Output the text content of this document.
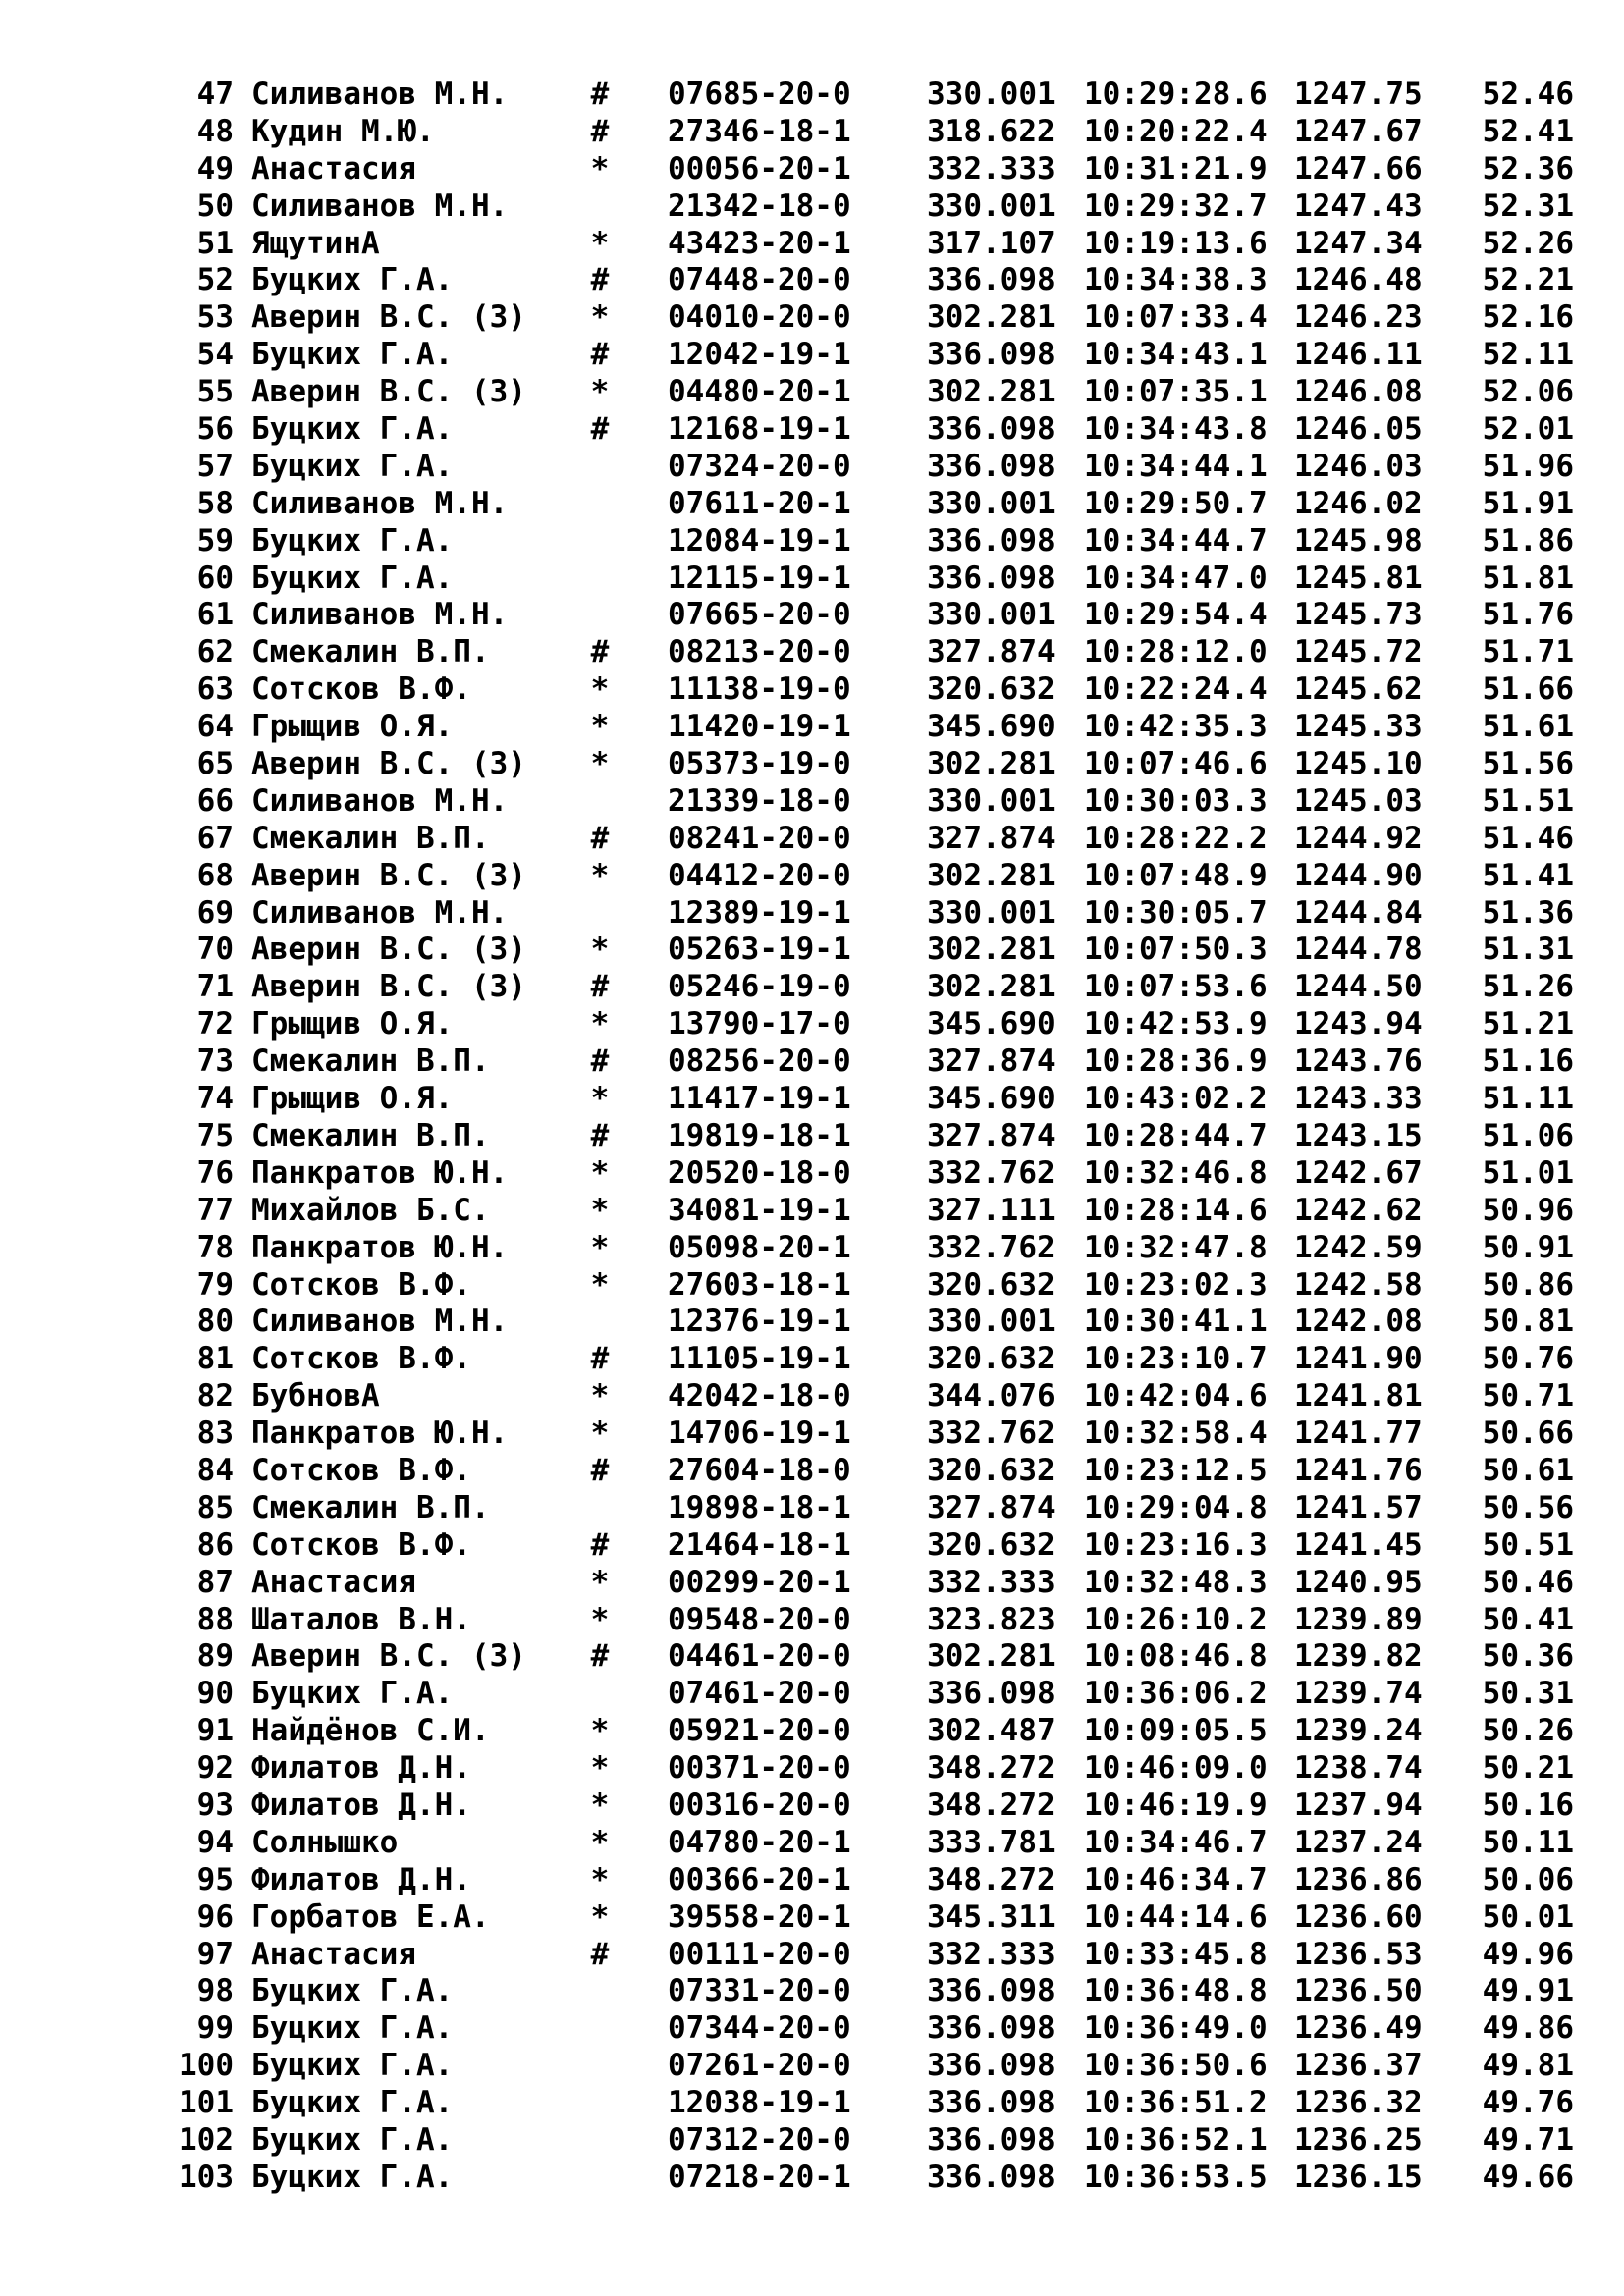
47 Силиванов М.Н.	# 07685-20-0 330.001 10:29:28.6 1247.75 52.46
48 Кудин М.Ю.	# 27346-18-1 318.622 10:20:22.4 1247.67 52.41
49 Анастасия	* 00056-20-1 332.333 10:31:21.9 1247.66 52.36
50 Силиванов М.Н.	21342-18-0 330.001 10:29:32.7 1247.43 52.31
51 ЯщутинА	* 43423-20-1 317.107 10:19:13.6 1247.34 52.26
52 Буцких Г.А.	# 07448-20-0 336.098 10:34:38.3 1246.48 52.21
53 Аверин В.С. (З) * 04010-20-0 302.281 10:07:33.4 1246.23 52.16
54 Буцких Г.А.	# 12042-19-1 336.098 10:34:43.1 1246.11 52.11
55 Аверин В.С. (З) * 04480-20-1 302.281 10:07:35.1 1246.08 52.06
56 Буцких Г.А.	# 12168-19-1 336.098 10:34:43.8 1246.05 52.01
57 Буцких Г.А.	07324-20-0 336.098 10:34:44.1 1246.03 51.96
58 Силиванов М.Н.	07611-20-1 330.001 10:29:50.7 1246.02 51.91
59 Буцких Г.А.	12084-19-1 336.098 10:34:44.7 1245.98 51.86
60 Буцких Г.А.	12115-19-1 336.098 10:34:47.0 1245.81 51.81
61 Силиванов М.Н.	07665-20-0 330.001 10:29:54.4 1245.73 51.76
62 Смекалин В.П.	# 08213-20-0 327.874 10:28:12.0 1245.72 51.71
63 Сотсков В.Ф.	* 11138-19-0 320.632 10:22:24.4 1245.62 51.66
64 Грыщив О.Я.	* 11420-19-1 345.690 10:42:35.3 1245.33 51.61
65 Аверин В.С. (З) * 05373-19-0 302.281 10:07:46.6 1245.10 51.56
66 Силиванов М.Н.	21339-18-0 330.001 10:30:03.3 1245.03 51.51
67 Смекалин В.П.	# 08241-20-0 327.874 10:28:22.2 1244.92 51.46
68 Аверин В.С. (З) * 04412-20-0 302.281 10:07:48.9 1244.90 51.41
69 Силиванов М.Н.	12389-19-1 330.001 10:30:05.7 1244.84 51.36
70 Аверин В.С. (З) * 05263-19-1 302.281 10:07:50.3 1244.78 51.31
71 Аверин В.С. (З) # 05246-19-0 302.281 10:07:53.6 1244.50 51.26
72 Грыщив О.Я.	* 13790-17-0 345.690 10:42:53.9 1243.94 51.21
73 Смекалин В.П.	# 08256-20-0 327.874 10:28:36.9 1243.76 51.16
74 Грыщив О.Я.	* 11417-19-1 345.690 10:43:02.2 1243.33 51.11
75 Смекалин В.П.	# 19819-18-1 327.874 10:28:44.7 1243.15 51.06
76 Панкратов Ю.Н.	* 20520-18-0 332.762 10:32:46.8 1242.67 51.01
77 Михайлов Б.С.	* 34081-19-1 327.111 10:28:14.6 1242.62 50.96
78 Панкратов Ю.Н.	* 05098-20-1 332.762 10:32:47.8 1242.59 50.91
79 Сотсков В.Ф.	* 27603-18-1 320.632 10:23:02.3 1242.58 50.86
80 Силиванов М.Н.	12376-19-1 330.001 10:30:41.1 1242.08 50.81
81 Сотсков В.Ф.	# 11105-19-1 320.632 10:23:10.7 1241.90 50.76
82 БубновА	* 42042-18-0 344.076 10:42:04.6 1241.81 50.71
83 Панкратов Ю.Н.	* 14706-19-1 332.762 10:32:58.4 1241.77 50.66
84 Сотсков В.Ф.	# 27604-18-0 320.632 10:23:12.5 1241.76 50.61
85 Смекалин В.П.	19898-18-1 327.874 10:29:04.8 1241.57 50.56
86 Сотсков В.Ф.	# 21464-18-1 320.632 10:23:16.3 1241.45 50.51
87 Анастасия	* 00299-20-1 332.333 10:32:48.3 1240.95 50.46
88 Шаталов В.Н.	* 09548-20-0 323.823 10:26:10.2 1239.89 50.41
89 Аверин В.С. (З) # 04461-20-0 302.281 10:08:46.8 1239.82 50.36
90 Буцких Г.А.	07461-20-0 336.098 10:36:06.2 1239.74 50.31
91 Найдёнов С.И.	* 05921-20-0 302.487 10:09:05.5 1239.24 50.26
92 Филатов Д.Н.	* 00371-20-0 348.272 10:46:09.0 1238.74 50.21
93 Филатов Д.Н.	* 00316-20-0 348.272 10:46:19.9 1237.94 50.16
94 Солнышко	* 04780-20-1 333.781 10:34:46.7 1237.24 50.11
95 Филатов Д.Н.	* 00366-20-1 348.272 10:46:34.7 1236.86 50.06
96 Горбатов Е.А.	* 39558-20-1 345.311 10:44:14.6 1236.60 50.01
97 Анастасия	# 00111-20-0 332.333 10:33:45.8 1236.53 49.96
98 Буцких Г.А.	07331-20-0 336.098 10:36:48.8 1236.50 49.91
99 Буцких Г.А.	07344-20-0 336.098 10:36:49.0 1236.49 49.86
100 Буцких Г.А.	07261-20-0 336.098 10:36:50.6 1236.37 49.81
101 Буцких Г.А.	12038-19-1 336.098 10:36:51.2 1236.32 49.76
102 Буцких Г.А.	07312-20-0 336.098 10:36:52.1 1236.25 49.71
103 Буцких Г.А.	07218-20-1 336.098 10:36:53.5 1236.15 49.66
